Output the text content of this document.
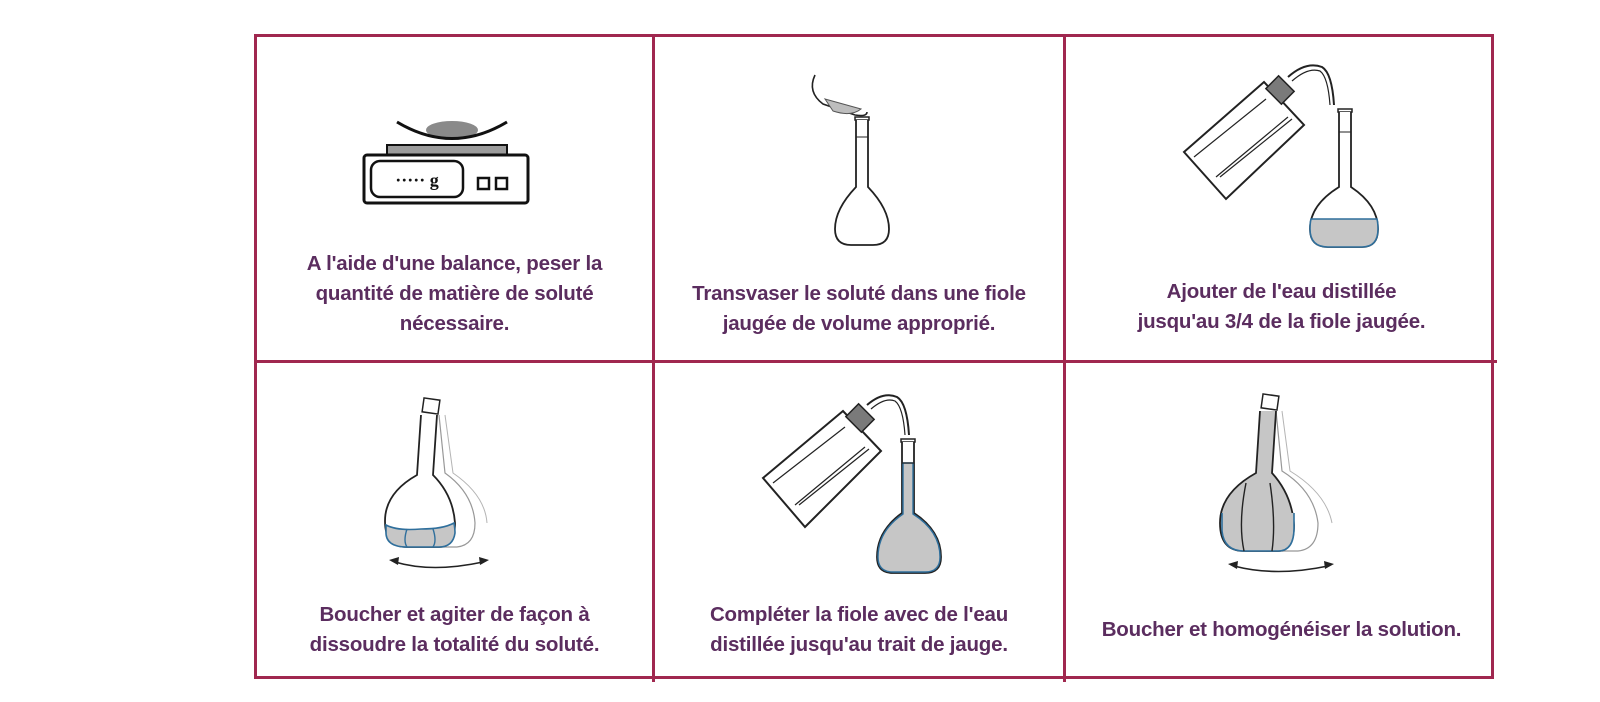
····· g
A l'aide d'une balance, peser la
quantité de matière de soluté
nécessaire.
Transvaser le soluté dans une fiole
jaugée de volume approprié.
Ajouter de l'eau distillée
jusqu'au 3/4 de la fiole jaugée.
Boucher et agiter de façon à
dissoudre la totalité du soluté.
Compléter la fiole avec de l'eau
distillée jusqu'au trait de jauge.
Boucher et homogénéiser la solution.
